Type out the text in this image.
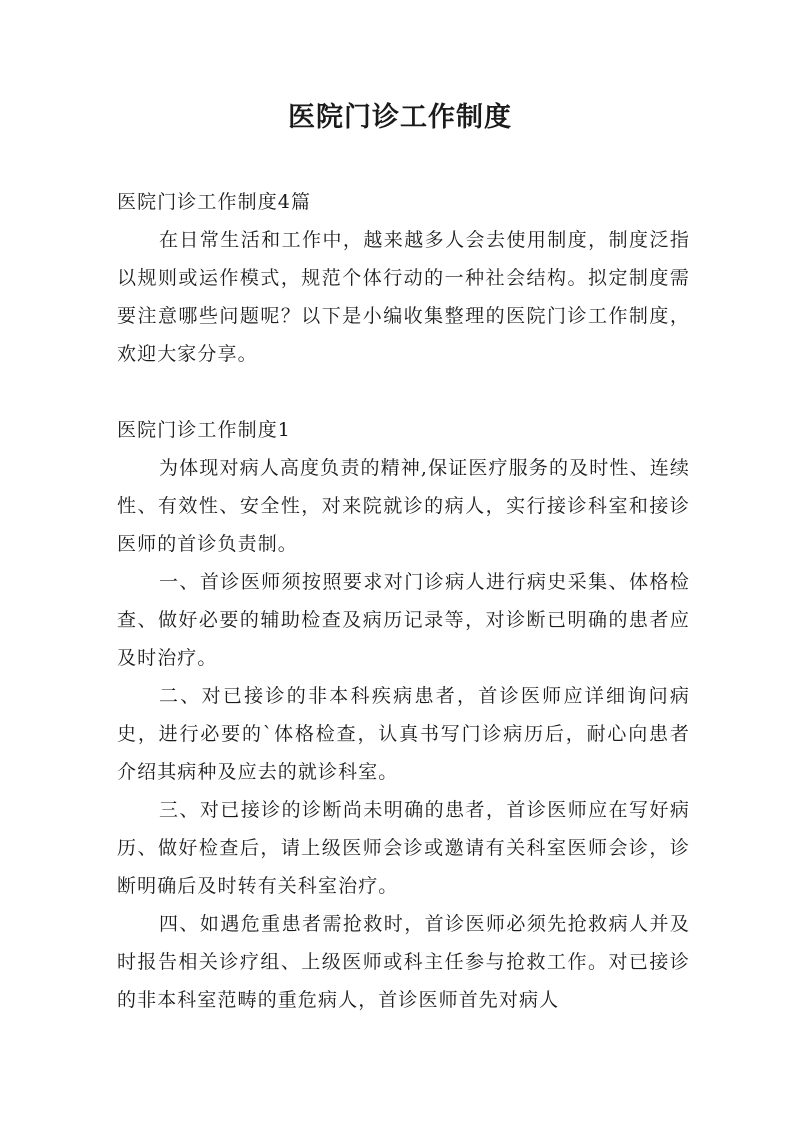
医院门诊工作制度

医院门诊工作制度4篇

在日常生活和工作中，越来越多人会去使用制度，制度泛指以规则或运作模式，规范个体行动的一种社会结构。拟定制度需要注意哪些问题呢？以下是小编收集整理的医院门诊工作制度，欢迎大家分享。

医院门诊工作制度1

为体现对病人高度负责的精神,保证医疗服务的及时性、连续性、有效性、安全性，对来院就诊的病人，实行接诊科室和接诊医师的首诊负责制。

一、首诊医师须按照要求对门诊病人进行病史采集、体格检查、做好必要的辅助检查及病历记录等，对诊断已明确的患者应及时治疗。

二、对已接诊的非本科疾病患者，首诊医师应详细询问病史，进行必要的`体格检查，认真书写门诊病历后，耐心向患者介绍其病种及应去的就诊科室。

三、对已接诊的诊断尚未明确的患者，首诊医师应在写好病历、做好检查后，请上级医师会诊或邀请有关科室医师会诊，诊断明确后及时转有关科室治疗。

四、如遇危重患者需抢救时，首诊医师必须先抢救病人并及时报告相关诊疗组、上级医师或科主任参与抢救工作。对已接诊的非本科室范畴的重危病人，首诊医师首先对病人
